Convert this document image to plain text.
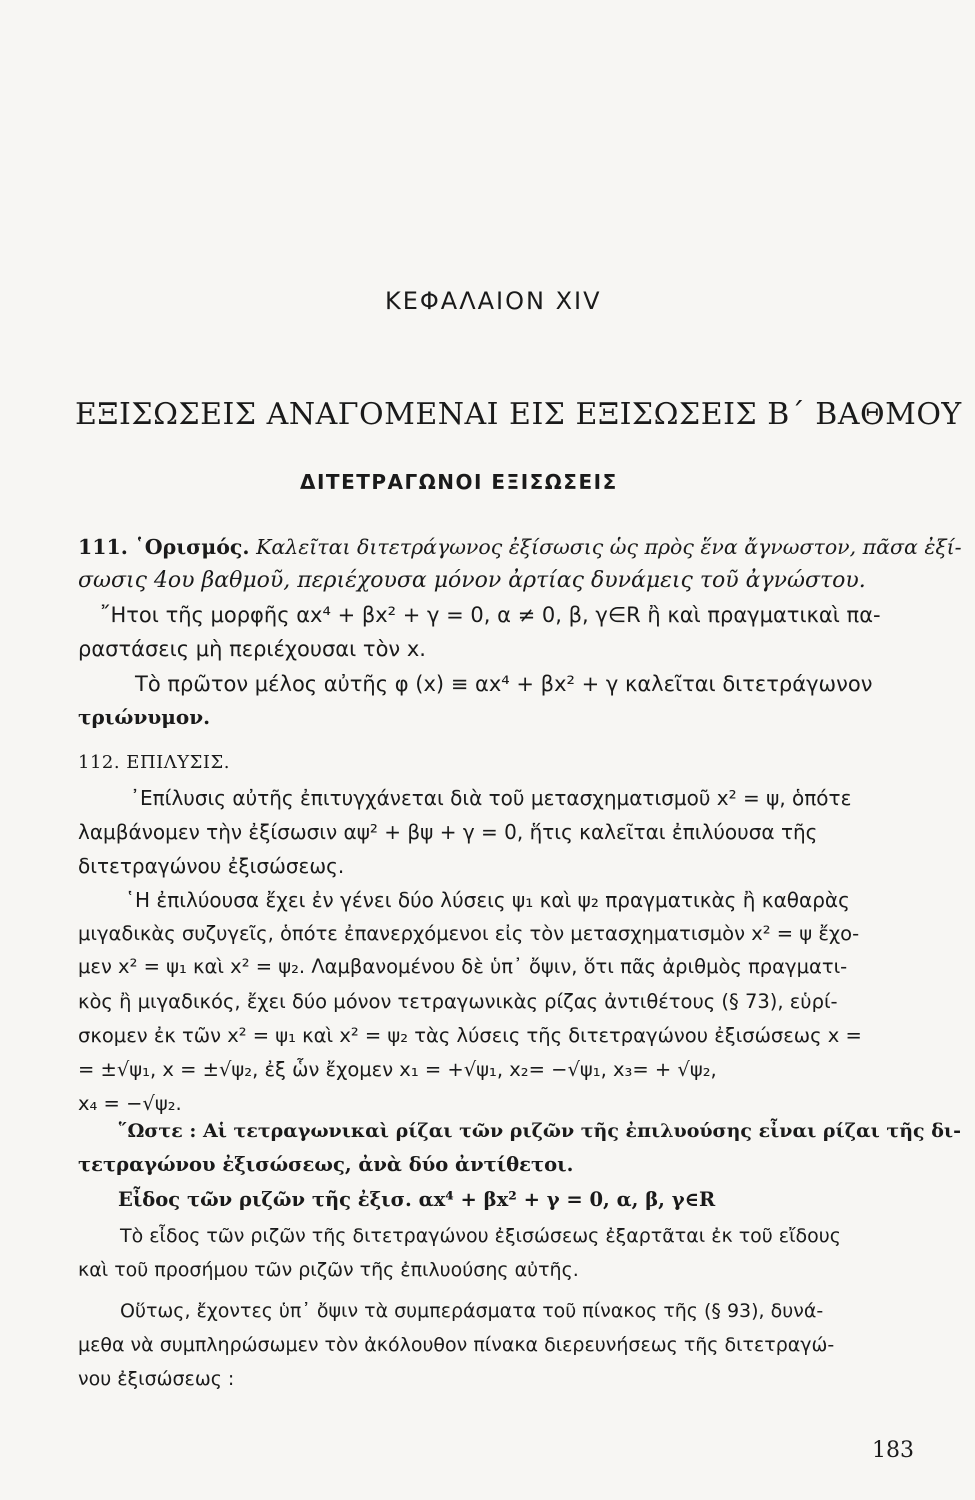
ΚΕΦΑΛΑΙΟΝ XIV
ΕΞΙΣΩΣΕΙΣ ΑΝΑΓΟΜΕΝΑΙ ΕΙΣ ΕΞΙΣΩΣΕΙΣ Β΄ ΒΑΘΜΟΥ
ΔΙΤΕΤΡΑΓΩΝΟΙ ΕΞΙΣΩΣΕΙΣ
111. ῾Ορισμός. Καλεῖται διτετράγωνος ἐξίσωσις ὡς πρὸς ἕνα ἄγνωστον, πᾶσα ἐξί-
σωσις 4ου βαθμοῦ, περιέχουσα μόνον ἀρτίας δυνάμεις τοῦ ἀγνώστου.
῎Ητοι τῆς μορφῆς αx⁴ + βx² + γ = 0, α ≠ 0, β, γ∈R ἢ καὶ πραγματικαὶ πα-
ραστάσεις μὴ περιέχουσαι τὸν x.
Τὸ πρῶτον μέλος αὐτῆς φ (x) ≡ αx⁴ + βx² + γ καλεῖται διτετράγωνον
τριώνυμον.
112. ΕΠΙΛΥΣΙΣ.
᾿Επίλυσις αὐτῆς ἐπιτυγχάνεται διὰ τοῦ μετασχηματισμοῦ x² = ψ, ὁπότε
λαμβάνομεν τὴν ἐξίσωσιν αψ² + βψ + γ = 0, ἥτις καλεῖται ἐπιλύουσα τῆς
διτετραγώνου ἐξισώσεως.
῾Η ἐπιλύουσα ἔχει ἐν γένει δύο λύσεις ψ₁ καὶ ψ₂ πραγματικὰς ἢ καθαρὰς
μιγαδικὰς συζυγεῖς, ὁπότε ἐπανερχόμενοι εἰς τὸν μετασχηματισμὸν x² = ψ ἔχο-
μεν x² = ψ₁ καὶ x² = ψ₂. Λαμβανομένου δὲ ὑπ᾿ ὄψιν, ὅτι πᾶς ἀριθμὸς πραγματι-
κὸς ἢ μιγαδικός, ἔχει δύο μόνον τετραγωνικὰς ρίζας ἀντιθέτους (§ 73), εὑρί-
σκομεν ἐκ τῶν x² = ψ₁ καὶ x² = ψ₂ τὰς λύσεις τῆς διτετραγώνου ἐξισώσεως x =
= ±√ψ₁, x = ±√ψ₂, ἐξ ὧν ἔχομεν x₁ = +√ψ₁, x₂= −√ψ₁, x₃= + √ψ₂,
x₄ = −√ψ₂.
῞Ωστε : Αἱ τετραγωνικαὶ ρίζαι τῶν ριζῶν τῆς ἐπιλυούσης εἶναι ρίζαι τῆς δι-
τετραγώνου ἐξισώσεως, ἀνὰ δύο ἀντίθετοι.
Εἶδος τῶν ριζῶν τῆς ἐξισ. αx⁴ + βx² + γ = 0, α, β, γ∈R
Τὸ εἶδος τῶν ριζῶν τῆς διτετραγώνου ἐξισώσεως ἐξαρτᾶται ἐκ τοῦ εἴδους
καὶ τοῦ προσήμου τῶν ριζῶν τῆς ἐπιλυούσης αὐτῆς.
Οὕτως, ἔχοντες ὑπ᾿ ὄψιν τὰ συμπεράσματα τοῦ πίνακος τῆς (§ 93), δυνά-
μεθα νὰ συμπληρώσωμεν τὸν ἀκόλουθον πίνακα διερευνήσεως τῆς διτετραγώ-
νου ἐξισώσεως :
183
